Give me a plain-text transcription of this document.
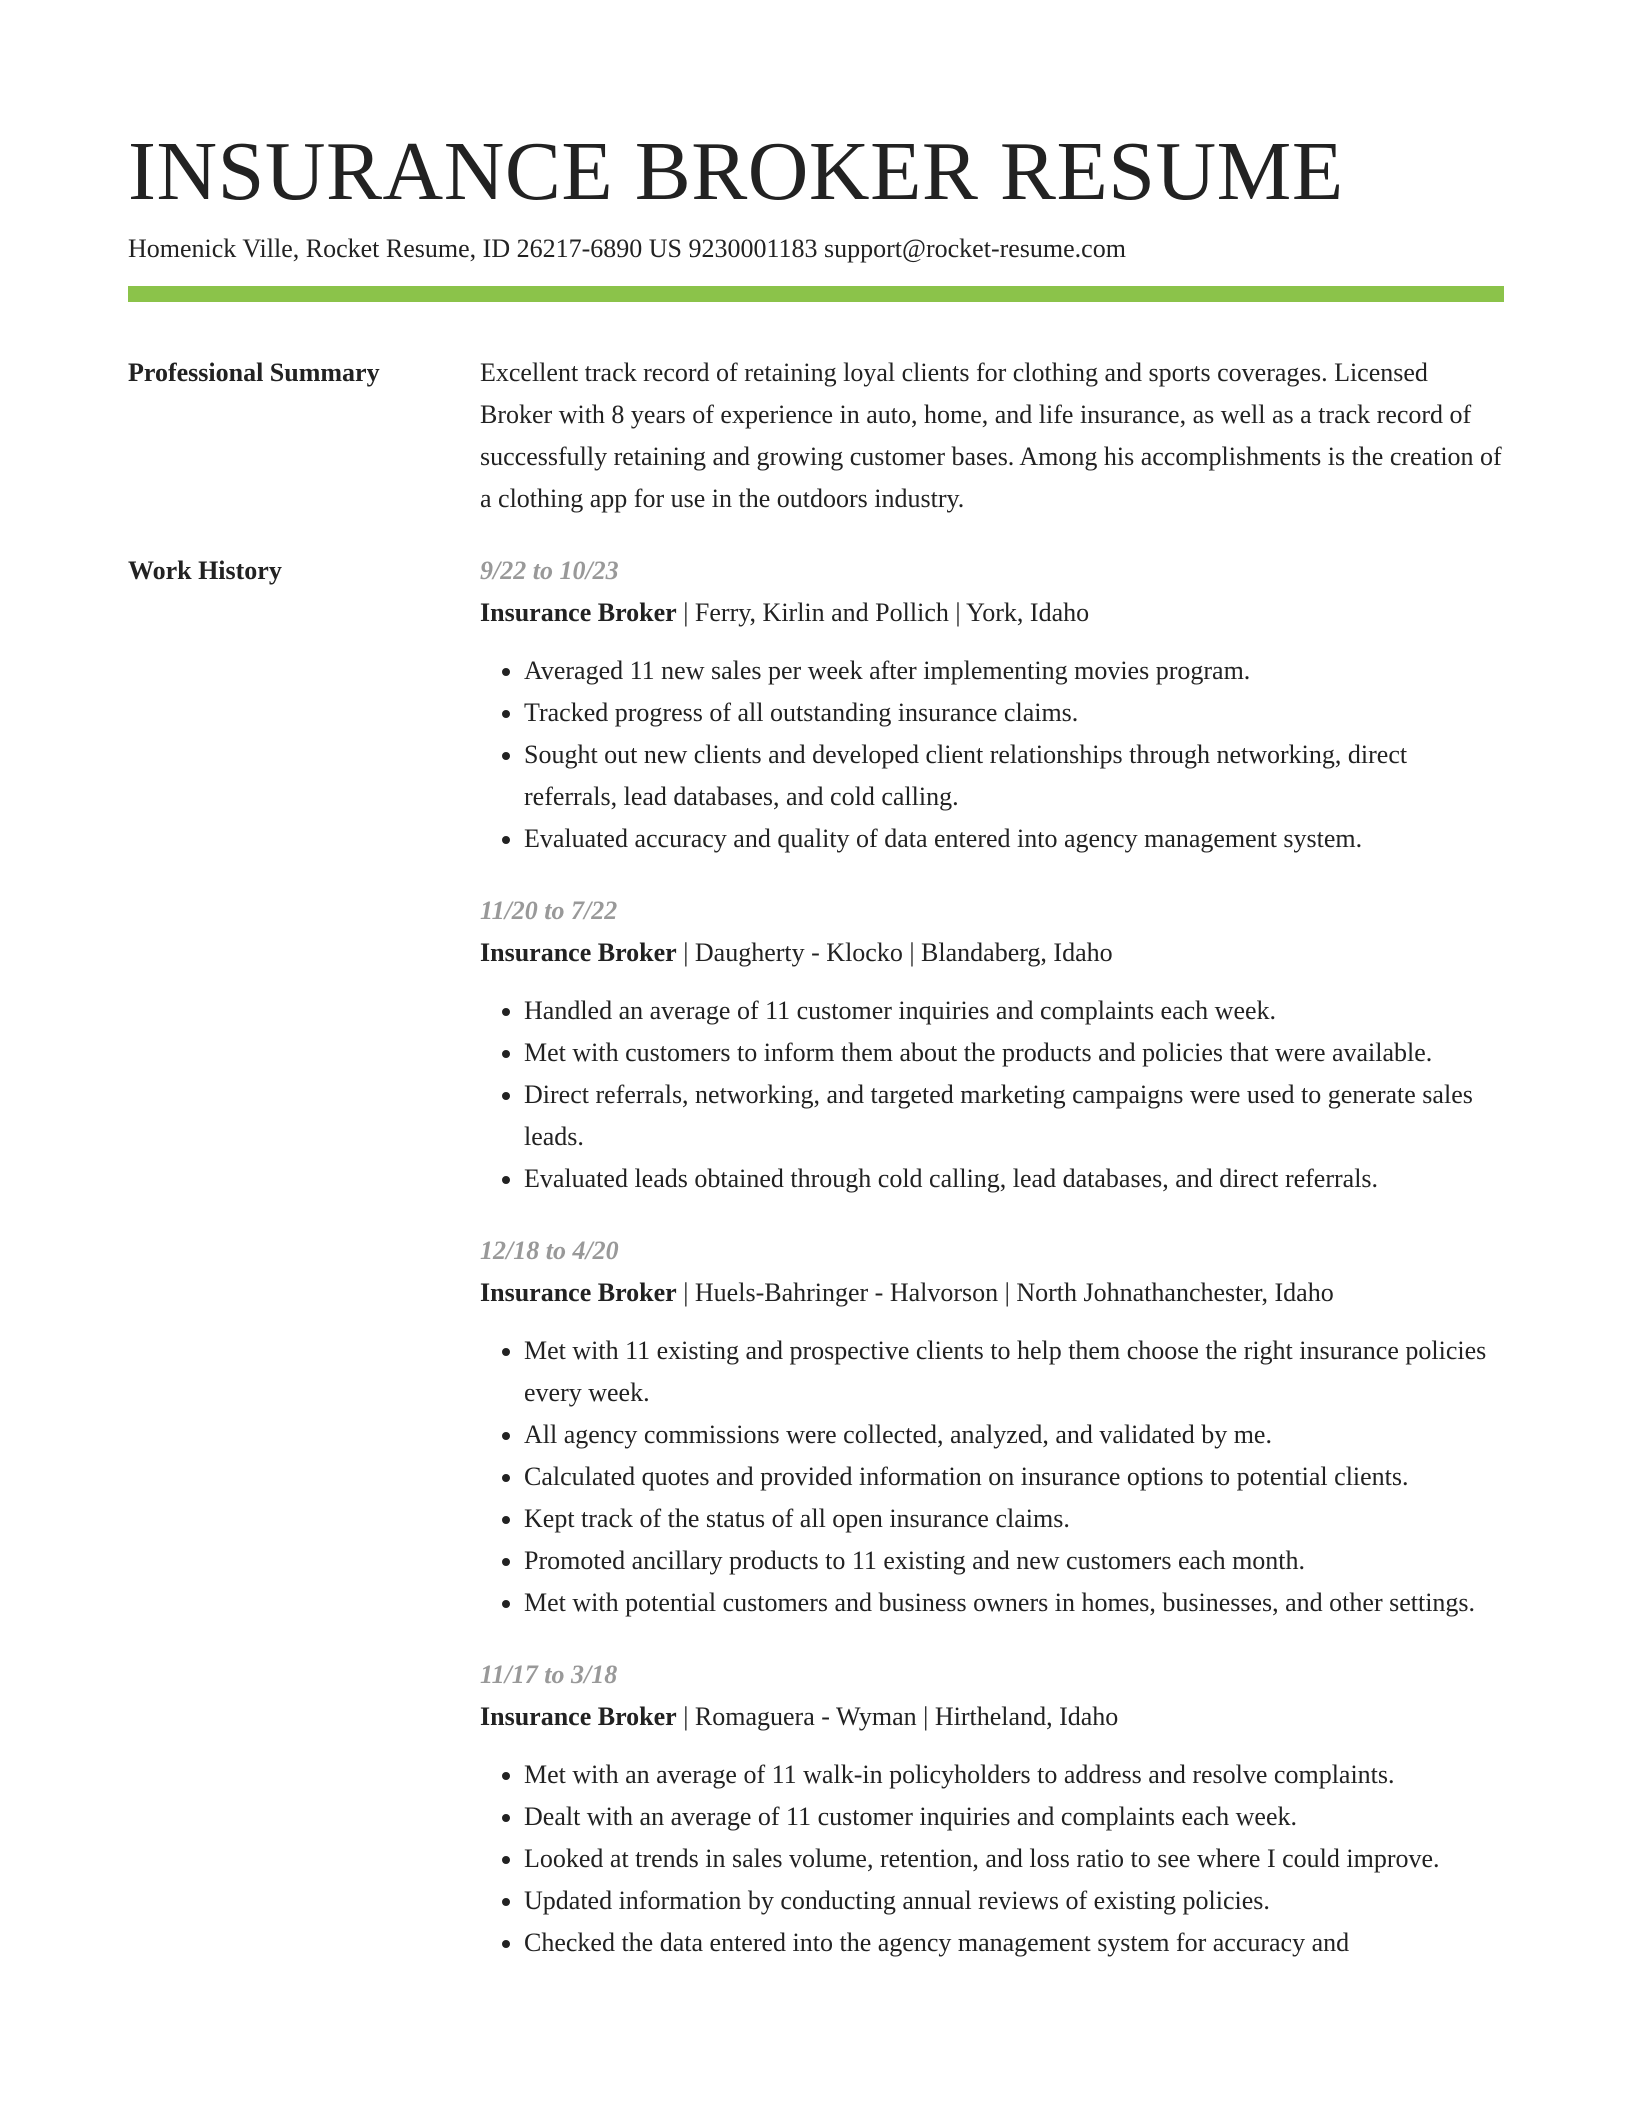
INSURANCE BROKER RESUME
Homenick Ville, Rocket Resume, ID 26217-6890 US 9230001183 support@rocket-resume.com
Professional Summary	Excellent track record of retaining loyal clients for clothing and sports coverages. Licensed Broker with 8 years of experience in auto, home, and life insurance, as well as a track record of successfully retaining and growing customer bases. Among his accomplishments is the creation of a clothing app for use in the outdoors industry.

Work History	9/22 to 10/23
Insurance Broker | Ferry, Kirlin and Pollich | York, Idaho
• Averaged 11 new sales per week after implementing movies program.
• Tracked progress of all outstanding insurance claims.
• Sought out new clients and developed client relationships through networking, direct referrals, lead databases, and cold calling.
• Evaluated accuracy and quality of data entered into agency management system.
11/20 to 7/22
Insurance Broker | Daugherty - Klocko | Blandaberg, Idaho
• Handled an average of 11 customer inquiries and complaints each week.
• Met with customers to inform them about the products and policies that were available.
• Direct referrals, networking, and targeted marketing campaigns were used to generate sales leads.
• Evaluated leads obtained through cold calling, lead databases, and direct referrals.
12/18 to 4/20
Insurance Broker | Huels-Bahringer - Halvorson | North Johnathanchester, Idaho
• Met with 11 existing and prospective clients to help them choose the right insurance policies every week.
• All agency commissions were collected, analyzed, and validated by me.
• Calculated quotes and provided information on insurance options to potential clients.
• Kept track of the status of all open insurance claims.
• Promoted ancillary products to 11 existing and new customers each month.
• Met with potential customers and business owners in homes, businesses, and other settings.
11/17 to 3/18
Insurance Broker | Romaguera - Wyman | Hirtheland, Idaho
• Met with an average of 11 walk-in policyholders to address and resolve complaints.
• Dealt with an average of 11 customer inquiries and complaints each week.
• Looked at trends in sales volume, retention, and loss ratio to see where I could improve.
• Updated information by conducting annual reviews of existing policies.
• Checked the data entered into the agency management system for accuracy and
